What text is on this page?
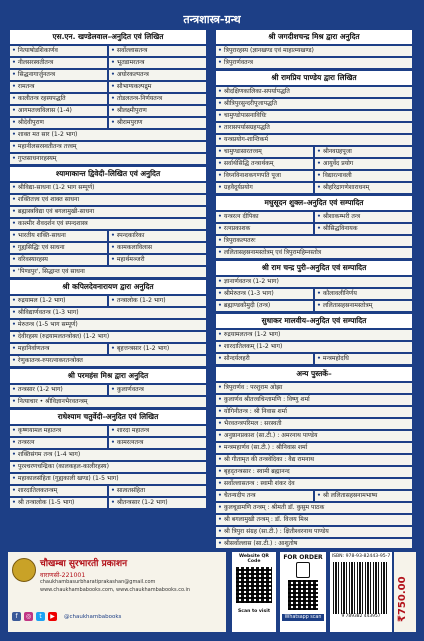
तन्त्रशास्त्र-ग्रन्थ
एस.एन. खण्डेलवाल–अनुदित एवं लिखित
• नित्याषोडशिकार्णव	• सर्वोल्लासतन्त्र
• नीलसरस्वतीतन्त्र	• भूतडामरतन्त्र
• सिद्धनागार्जुनतन्त्र	• अघोरकल्पतन्त्र
• रामतन्त्र	• सौभाग्यकल्पद्रुम
• कालीतन्त्र रहस्यपद्धति	• तोडलतन्त्र-निर्णयतन्त्र
• आगमतत्त्वविलास (1-4)	• श्रीलक्ष्मीपुराण
• श्रीदेवीपुराण	• श्रीरामपुराण
• शाक्त मत सार (1-2 भाग)
• महानीलसरस्वतीतन्त्र तत्त्वम्
• गुप्तसाधनारहस्यम्
श्यामाकान्त द्विवेदी–लिखित एवं अनुदित
• श्रीविद्या-साधना (1-2 भाग सम्पूर्ण)
• शक्तितत्त्व एवं शाक्त साधना
• ब्रह्मास्त्रविद्या एवं बगलामुखी-साधना
• काश्मीर शैवदर्शन एवं स्पन्दशास्त्र
• भारतीय शक्ति-साधना	• स्पन्दकारिका
• गुह्यसिद्धिः एवं साधना	• कामकलाविलास
• वरिवस्यारहस्य	• महार्थमञ्जरी
• 'पिण्डपुर', सिद्धान्त एवं साधना
श्री कपिलदेवनारायण द्वारा अनुदित
• रुद्रयामल (1-2 भाग)	• तन्त्रालोक (1-2 भाग)
• श्रीविद्यार्णवतन्त्र (1-3 भाग)
• मेरुतन्त्र (1-5 भाग सम्पूर्ण)
• देवीरहस्य (रुद्रयामलतन्त्रोक्त) (1-2 भाग)
• महानिर्वाणतन्त्र	• बृहत्तन्त्रसार (1-2 भाग)
• रेणुकातन्त्र-रुपरत्नाकरतन्त्रोक्त
श्री परमहंस मिश्र द्वारा अनुदित
• तन्त्रसार (1-2 भाग)	• कुलार्णवतन्त्र
• नित्याचार • श्रीविज्ञानभैरवतन्त्रम्
राधेश्याम चतुर्वेदी–अनुदित एवं लिखित
• कृष्णयामल महातन्त्र	• शारदा महातन्त्र
• तन्त्ररत्न	• कामरत्नतन्त्र
• शक्तिसंगम तन्त्र (1-4 भाग)
• पुरश्चरणचन्द्रिका (कालकहल-कालीरहस्य)
• महाकालसंहिता (गुह्यकाली खण्ड) (1-5 भाग)
• शारदातिलकतन्त्रम्	• सात्वतसंहिता
• श्री तन्त्रालोक (1-5 भाग)	• श्रीतन्त्रसार (1-2 भाग)
श्री जगदीशचन्द्र मिश्र द्वारा अनुदित
• त्रिपुरारहस्य (ज्ञानखण्ड एवं माहात्म्यखण्ड)
• त्रिपुरार्णवतन्त्र
श्री रामप्रिय पाण्डेय द्वारा लिखित
• श्रीदक्षिणकालिका-सपर्यापद्धति
• श्रीत्रिपुरसुन्दरीपूजापद्धति
• चामुण्डोपासनाविधिः
• तारासपर्यासग्रहपद्धति
• यन्त्रप्रयोग-शान्तिकर्म
• चामुण्डासारतत्त्वम्	• श्रीनवग्रहपूजा
• सर्वार्थसिद्धि तन्त्रार्थकम्	• आयुर्वेद प्रयोग
• विघ्नविनाशकगणपति पूजा	• विद्यारत्नावली
• ग्रहवैदूर्यप्रयोग	• श्रीहरिद्रागणेशाराधनम्
मधुसूदन शुक्ल–अनुदित एवं सम्पादित
• यन्त्ररत्न दीपिका	• श्रीशाकम्भरी तन्त्र
• रत्नप्रकाशक	• श्रीसिद्धविनायक
• त्रिपुराकल्पतरुः
• ललितासहस्रनामस्तोत्रम् एवं त्रिपुरामहिम्नस्तोत्र
श्री राम चन्द्र पुरी–अनुदित एवं सम्पादित
• ज्ञानार्णवतन्त्र (1-2 भाग)
• श्रीमेरुतन्त्र (1-3 भाग)	• कौलावलीनिर्णय
• ब्रह्माण्डकौमुदी (तन्त्र)	• ललितासहस्रनामस्तोत्रम्
सुधाकर मालवीय–अनुदित एवं सम्पादित
• रुद्रयामलतन्त्र (1-2 भाग)
• शारदातिलकम् (1-2 भाग)
• सौन्दर्यलहरी	• मन्त्रमहोदधि
अन्य पुस्तकें–
• त्रिपुरार्णव : परशुराम ओझा
• कुलार्णव श्रीतत्त्वचिन्तामणि : विष्णु शर्मा
• योगिनीतन्त्र : श्री निवास शर्मा
• भैरवतन्त्रपरिमल : सरस्वती
• अनुष्ठानप्रकाश (सा.टी.) : अमरनाथ पाण्डेय
• मन्त्रमहार्णव (सा.टी.) : श्रीनिवास शर्मा
• श्री गीतामृत की तन्त्रवेदिका : वैद्य रामनाथ
• बृहद्तन्त्रसार : स्वामी ब्रह्मानन्द
• सर्वोल्लासतन्त्र : स्वामी शंकर देव
• चैतन्यदीप तन्त्र	• श्री ललितासहस्रनामभाष्य
• कुलचूडामणि तन्त्रम् : श्रीमती डॉ. कुसुम पाठक
• श्री बगलामुखी तन्त्रम् : डॉ. विजय मिश्र
• श्री त्रिपुरा संग्रह (सा.टी.) : क्षितीश्वरनाथ पाण्डेय
• श्रीसर्वोल्लास (सा.टी.) : आशुतोष
चौखम्बा सुरभारती प्रकाशन
वाराणसी-221001
chaukhambasurbharatiprakashan@gmail.com
www.chaukhambabooks.com, www.chaukhambabooks.co.in
f	◎	t	▶	@chaukhambabooks
Website QR Code
Scan to visit
FOR ORDER
Whatsapp scan
ISBN: 978-93-82443-95-7
9 789382 443957	₹750.00
